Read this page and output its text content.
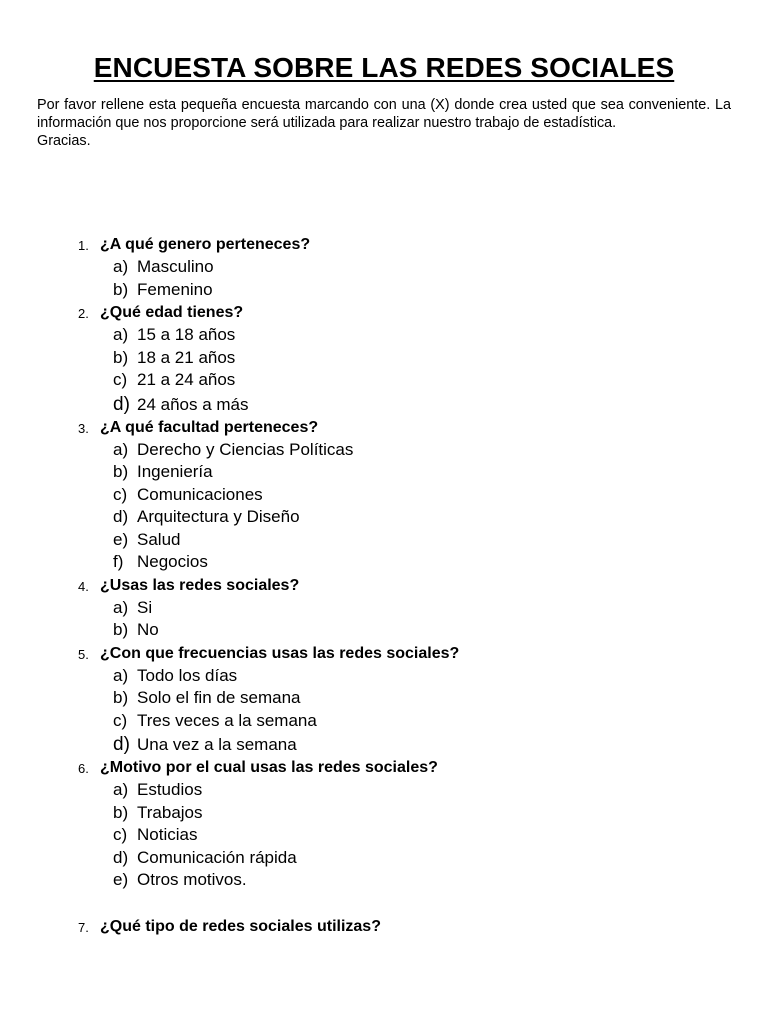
ENCUESTA SOBRE LAS REDES SOCIALES

Por favor rellene esta pequeña encuesta marcando con una (X) donde crea usted que sea conveniente. La información que nos proporcione será utilizada para realizar nuestro trabajo de estadística.

Gracias.

1. ¿A qué genero perteneces?
a) Masculino
b) Femenino
2. ¿Qué edad tienes?
a) 15 a 18 años
b) 18 a 21 años
c) 21 a 24 años
d) 24 años a más
3. ¿A qué facultad perteneces?
a) Derecho y Ciencias Políticas
b) Ingeniería
c) Comunicaciones
d) Arquitectura y Diseño
e) Salud
f) Negocios
4. ¿Usas las redes sociales?
a) Si
b) No
5. ¿Con que frecuencias usas las redes sociales?
a) Todo los días
b) Solo el fin de semana
c) Tres veces a la semana
d) Una vez a la semana
6. ¿Motivo por el cual usas las redes sociales?
a) Estudios
b) Trabajos
c) Noticias
d) Comunicación rápida
e) Otros motivos.
7. ¿Qué tipo de redes sociales utilizas?
